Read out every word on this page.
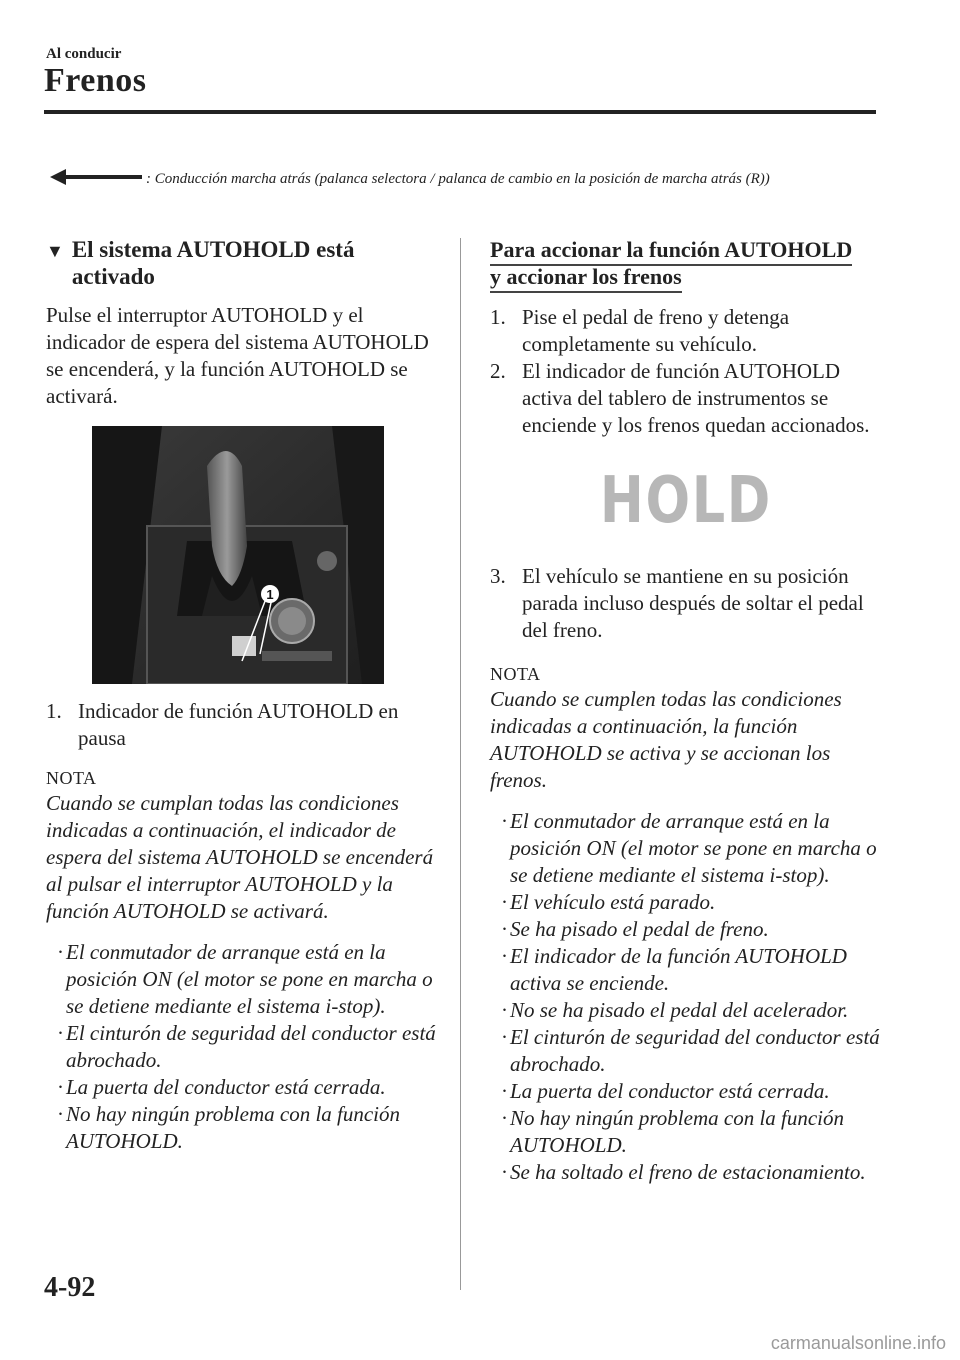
Al conducir
Frenos
: Conducción marcha atrás (palanca selectora / palanca de cambio en la posición de marcha atrás (R))
▼ El sistema AUTOHOLD está
activado

Pulse el interruptor AUTOHOLD y el indicador de espera del sistema AUTOHOLD se encenderá, y la función AUTOHOLD se activará.

1
1. Indicador de función AUTOHOLD en pausa
NOTA

Cuando se cumplan todas las condiciones indicadas a continuación, el indicador de espera del sistema AUTOHOLD se encenderá al pulsar el interruptor AUTOHOLD y la función AUTOHOLD se activará.

· El conmutador de arranque está en la posición ON (el motor se pone en marcha o se detiene mediante el sistema i-stop).
· El cinturón de seguridad del conductor está abrochado.
· La puerta del conductor está cerrada.
· No hay ningún problema con la función AUTOHOLD.
Para accionar la función AUTOHOLD
y accionar los frenos
1. Pise el pedal de freno y detenga completamente su vehículo.
2. El indicador de función AUTOHOLD activa del tablero de instrumentos se enciende y los frenos quedan accionados.
HOLD
3. El vehículo se mantiene en su posición parada incluso después de soltar el pedal del freno.
NOTA

Cuando se cumplen todas las condiciones indicadas a continuación, la función AUTOHOLD se activa y se accionan los frenos.

· El conmutador de arranque está en la posición ON (el motor se pone en marcha o se detiene mediante el sistema i-stop).
· El vehículo está parado.
· Se ha pisado el pedal de freno.
· El indicador de la función AUTOHOLD activa se enciende.
· No se ha pisado el pedal del acelerador.
· El cinturón de seguridad del conductor está abrochado.
· La puerta del conductor está cerrada.
· No hay ningún problema con la función AUTOHOLD.
· Se ha soltado el freno de estacionamiento.
4-92
carmanualsonline.info
